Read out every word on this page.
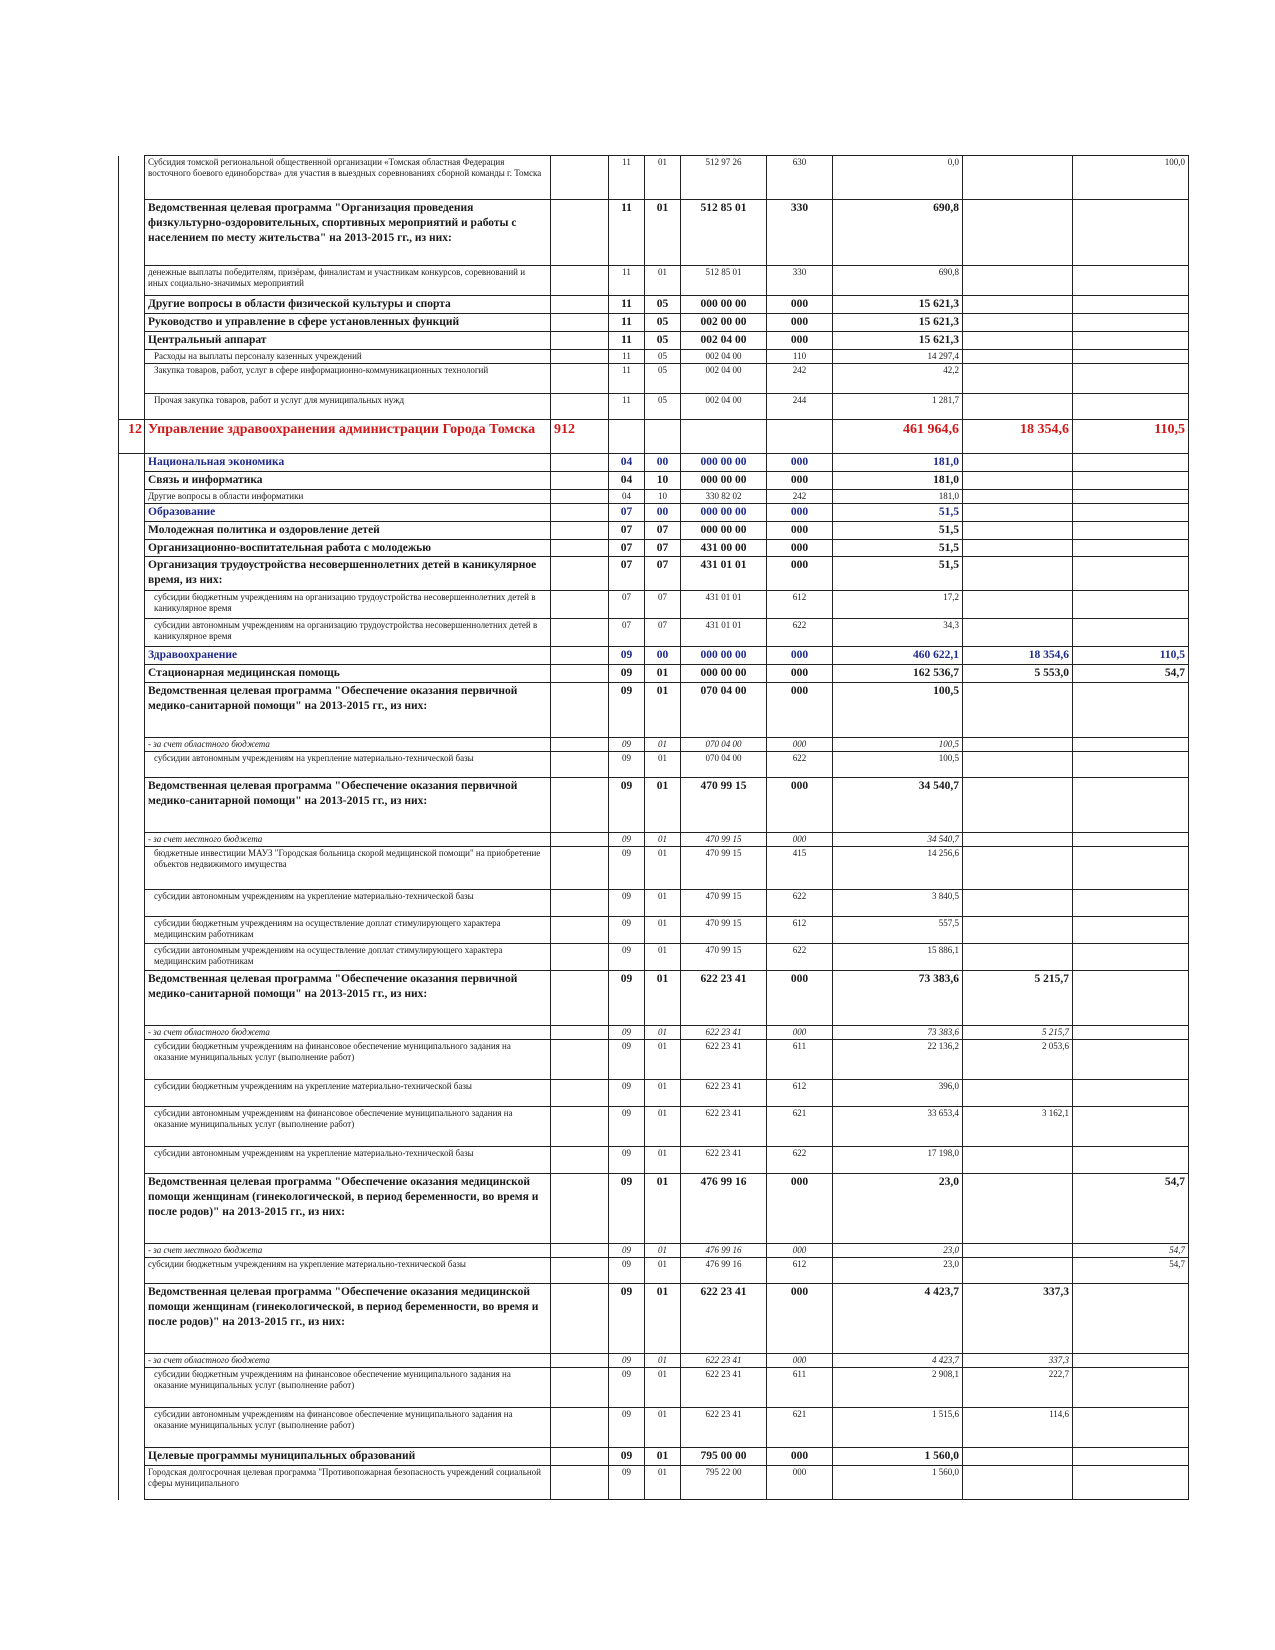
	Субсидия томской региональной общественной организации «Томская областная Федерация восточного боевого единоборства» для участия в выездных соревнованиях сборной команды г. Томска		11	01	512 97 26	630	0,0		100,0
	Ведомственная целевая программа "Организация проведения физкультурно-оздоровительных, спортивных мероприятий и работы с населением по месту жительства" на 2013-2015 гг., из них:		11	01	512 85 01	330	690,8		
	денежные выплаты победителям, призёрам, финалистам и участникам конкурсов, соревнований и иных социально-значимых мероприятий		11	01	512 85 01	330	690,8		
	Другие вопросы в области физической культуры и спорта		11	05	000 00 00	000	15 621,3		
	Руководство и управление в сфере установленных функций		11	05	002 00 00	000	15 621,3		
	Центральный аппарат		11	05	002 04 00	000	15 621,3		
	Расходы на выплаты персоналу казенных учреждений		11	05	002 04 00	110	14 297,4		
	Закупка товаров, работ, услуг в сфере информационно-коммуникационных технологий		11	05	002 04 00	242	42,2		
	Прочая закупка товаров, работ и услуг для муниципальных нужд		11	05	002 04 00	244	1 281,7		
12	Управление здравоохранения администрации Города Томска	912					461 964,6	18 354,6	110,5
	Национальная экономика		04	00	000 00 00	000	181,0		
	Связь и информатика		04	10	000 00 00	000	181,0		
	Другие вопросы в области информатики		04	10	330 82 02	242	181,0		
	Образование		07	00	000 00 00	000	51,5		
	Молодежная политика и оздоровление детей		07	07	000 00 00	000	51,5		
	Организационно-воспитательная работа с молодежью		07	07	431 00 00	000	51,5		
	Организация трудоустройства несовершеннолетних детей в каникулярное время, из них:		07	07	431 01 01	000	51,5		
	субсидии бюджетным учреждениям на организацию трудоустройства несовершеннолетних детей в каникулярное время		07	07	431 01 01	612	17,2		
	субсидии автономным учреждениям на организацию трудоустройства несовершеннолетних детей в каникулярное время		07	07	431 01 01	622	34,3		
	Здравоохранение		09	00	000 00 00	000	460 622,1	18 354,6	110,5
	Стационарная медицинская помощь		09	01	000 00 00	000	162 536,7	5 553,0	54,7
	Ведомственная целевая программа "Обеспечение оказания первичной медико-санитарной помощи" на 2013-2015 гг., из них:		09	01	070 04 00	000	100,5		
	- за счет областного бюджета		09	01	070 04 00	000	100,5		
	субсидии автономным учреждениям на укрепление материально-технической базы		09	01	070 04 00	622	100,5		
	Ведомственная целевая программа "Обеспечение оказания первичной медико-санитарной помощи" на 2013-2015 гг., из них:		09	01	470 99 15	000	34 540,7		
	- за счет местного бюджета		09	01	470 99 15	000	34 540,7		
	бюджетные инвестиции МАУЗ "Городская больница скорой медицинской помощи" на приобретение объектов недвижимого имущества		09	01	470 99 15	415	14 256,6		
	субсидии автономным учреждениям на укрепление материально-технической базы		09	01	470 99 15	622	3 840,5		
	субсидии бюджетным учреждениям на осуществление доплат стимулирующего характера медицинским работникам		09	01	470 99 15	612	557,5		
	субсидии автономным учреждениям на осуществление доплат стимулирующего характера медицинским работникам		09	01	470 99 15	622	15 886,1		
	Ведомственная целевая программа "Обеспечение оказания первичной медико-санитарной помощи" на 2013-2015 гг., из них:		09	01	622 23 41	000	73 383,6	5 215,7	
	- за счет областного бюджета		09	01	622 23 41	000	73 383,6	5 215,7	
	субсидии бюджетным учреждениям на финансовое обеспечение муниципального задания на оказание муниципальных услуг (выполнение работ)		09	01	622 23 41	611	22 136,2	2 053,6	
	субсидии бюджетным учреждениям на укрепление материально-технической базы		09	01	622 23 41	612	396,0		
	субсидии автономным учреждениям на финансовое обеспечение муниципального задания на оказание муниципальных услуг (выполнение работ)		09	01	622 23 41	621	33 653,4	3 162,1	
	субсидии автономным учреждениям на укрепление материально-технической базы		09	01	622 23 41	622	17 198,0		
	Ведомственная целевая программа "Обеспечение оказания медицинской помощи женщинам (гинекологической, в период беременности, во время и после родов)" на 2013-2015 гг., из них:		09	01	476 99 16	000	23,0		54,7
	- за счет местного бюджета		09	01	476 99 16	000	23,0		54,7
	субсидии бюджетным учреждениям на укрепление материально-технической базы		09	01	476 99 16	612	23,0		54,7
	Ведомственная целевая программа "Обеспечение оказания медицинской помощи женщинам (гинекологической, в период беременности, во время и после родов)" на 2013-2015 гг., из них:		09	01	622 23 41	000	4 423,7	337,3	
	- за счет областного бюджета		09	01	622 23 41	000	4 423,7	337,3	
	субсидии бюджетным учреждениям на финансовое обеспечение муниципального задания на оказание муниципальных услуг (выполнение работ)		09	01	622 23 41	611	2 908,1	222,7	
	субсидии автономным учреждениям на финансовое обеспечение муниципального задания на оказание муниципальных услуг (выполнение работ)		09	01	622 23 41	621	1 515,6	114,6	
	Целевые программы муниципальных образований		09	01	795 00 00	000	1 560,0		
	Городская долгосрочная целевая программа "Противопожарная безопасность учреждений социальной сферы муниципального		09	01	795 22 00	000	1 560,0		
